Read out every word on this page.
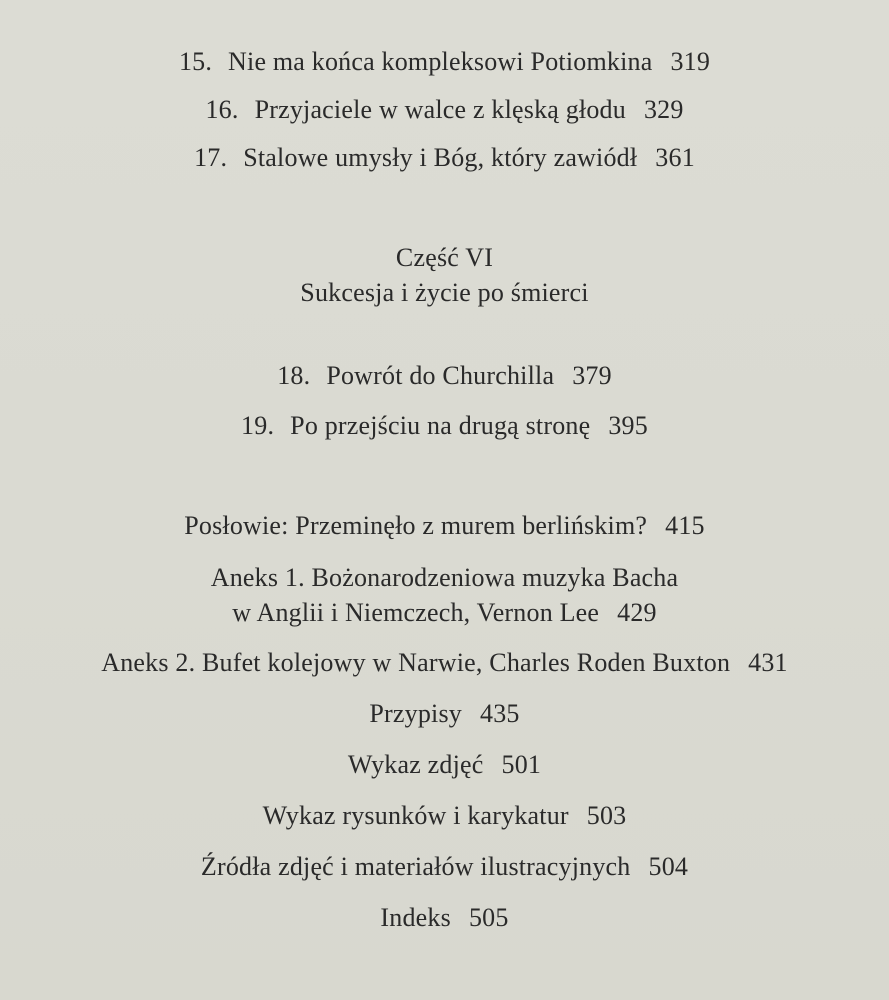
15. Nie ma końca kompleksowi Potiomkina 319
16. Przyjaciele w walce z klęską głodu 329
17. Stalowe umysły i Bóg, który zawiódł 361
Część VI
Sukcesja i życie po śmierci
18. Powrót do Churchilla 379
19. Po przejściu na drugą stronę 395
Posłowie: Przeminęło z murem berlińskim? 415
Aneks 1. Bożonarodzeniowa muzyka Bacha
w Anglii i Niemczech, Vernon Lee 429
Aneks 2. Bufet kolejowy w Narwie, Charles Roden Buxton 431
Przypisy 435
Wykaz zdjęć 501
Wykaz rysunków i karykatur 503
Źródła zdjęć i materiałów ilustracyjnych 504
Indeks 505
